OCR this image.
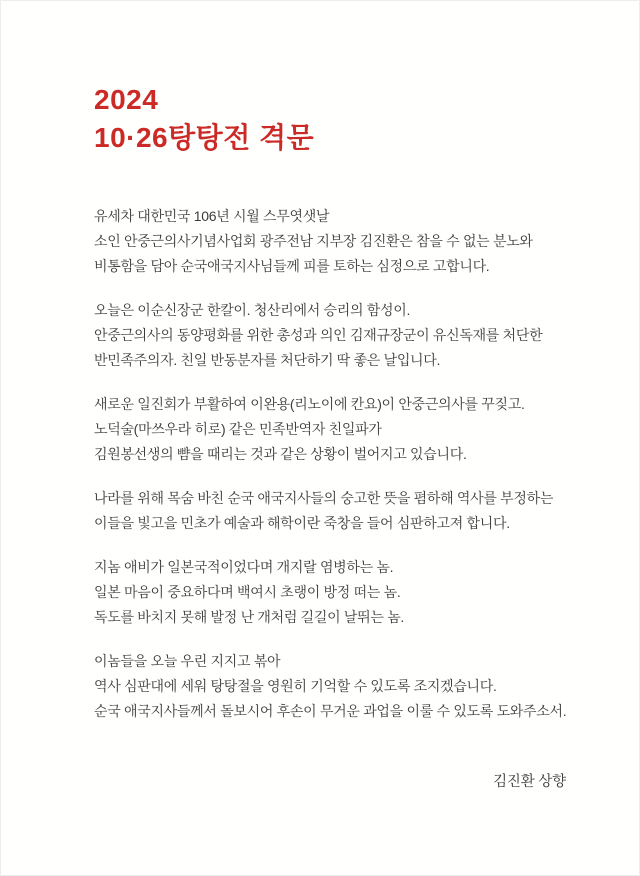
2024
10·26탕탕전 격문
유세차 대한민국 106년 시월 스무엿샛날
소인 안중근의사기념사업회 광주전남 지부장 김진환은 참을 수 없는 분노와
비통함을 담아 순국애국지사님들께 피를 토하는 심정으로 고합니다.
오늘은 이순신장군 한칼이. 청산리에서 승리의 함성이.
안중근의사의 동양평화를 위한 총성과 의인 김재규장군이 유신독재를 처단한
반민족주의자. 친일 반동분자를 처단하기 딱 좋은 날입니다.
새로운 일진회가 부활하여 이완용(리노이에 칸요)이 안중근의사를 꾸짖고.
노덕술(마쓰우라 히로) 같은 민족반역자 친일파가
김원봉선생의 뺨을 때리는 것과 같은 상황이 벌어지고 있습니다.
나라를 위해 목숨 바친 순국 애국지사들의 숭고한 뜻을 폄하해 역사를 부정하는
이들을 빛고을 민초가 예술과 해학이란 죽창을 들어 심판하고져 합니다.
지놈 애비가 일본국적이었다며 개지랄 염병하는 놈.
일본 마음이 중요하다며 백여시 초랭이 방정 떠는 놈.
독도를 바치지 못해 발정 난 개처럼 길길이 날뛰는 놈.
이놈들을 오늘 우린 지지고 볶아
역사 심판대에 세워 탕탕절을 영원히 기억할 수 있도록 조지겠습니다.
순국 애국지사들께서 돌보시어 후손이 무거운 과업을 이룰 수 있도록 도와주소서.
김진환 상향
